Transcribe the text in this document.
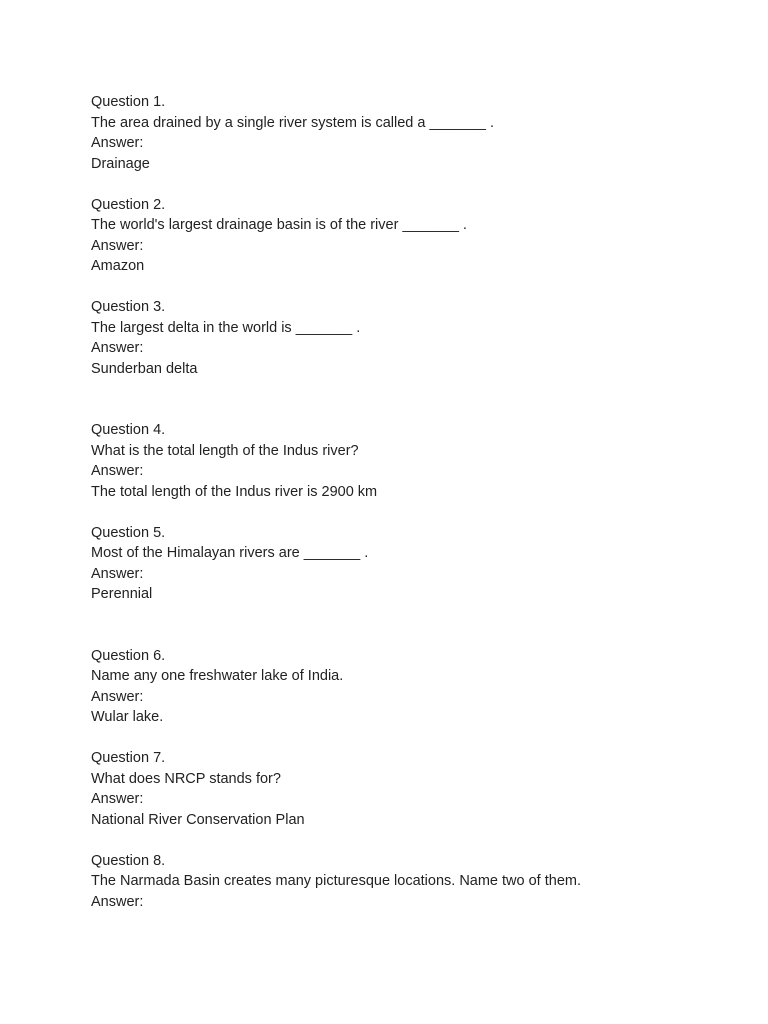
Question 1.

The area drained by a single river system is called a _______ .

Answer:

Drainage

Question 2.

The world's largest drainage basin is of the river _______ .

Answer:

Amazon

Question 3.

The largest delta in the world is _______ .

Answer:

Sunderban delta

Question 4.

What is the total length of the Indus river?

Answer:

The total length of the Indus river is 2900 km

Question 5.

Most of the Himalayan rivers are _______ .

Answer:

Perennial

Question 6.

Name any one freshwater lake of India.

Answer:

Wular lake.

Question 7.

What does NRCP stands for?

Answer:

National River Conservation Plan

Question 8.

The Narmada Basin creates many picturesque locations. Name two of them.

Answer:
